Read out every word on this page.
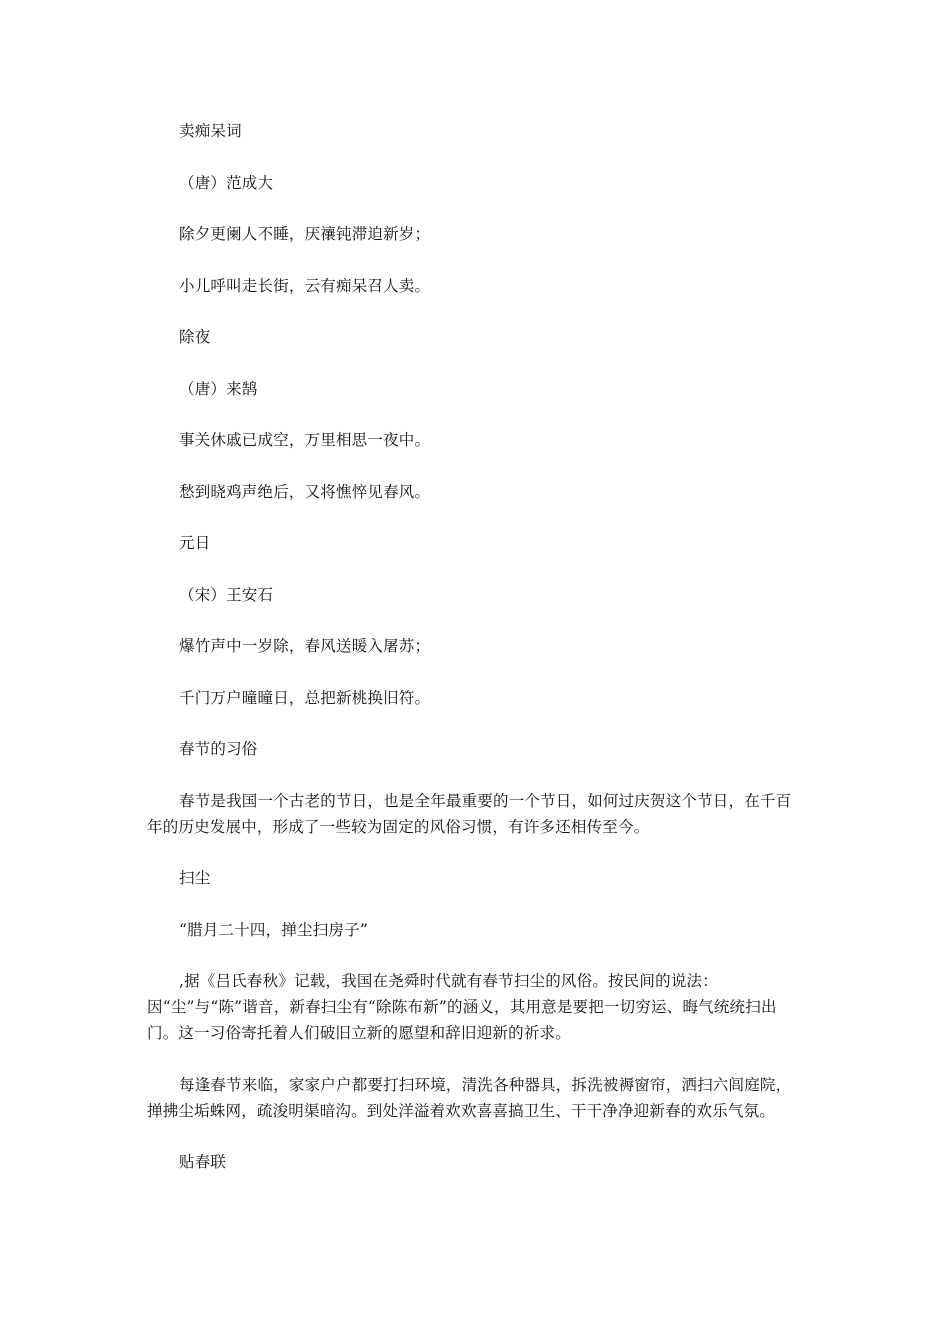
卖痴呆词

（唐）范成大

除夕更阑人不睡，厌禳钝滞迫新岁；

小儿呼叫走长街，云有痴呆召人卖。

除夜

（唐）来鹄

事关休戚已成空，万里相思一夜中。

愁到晓鸡声绝后，又将憔悴见春风。

元日

（宋）王安石

爆竹声中一岁除，春风送暖入屠苏；

千门万户曈曈日，总把新桃换旧符。

春节的习俗

春节是我国一个古老的节日，也是全年最重要的一个节日，如何过庆贺这个节日，在千百年的历史发展中，形成了一些较为固定的风俗习惯，有许多还相传至今。

扫尘

“腊月二十四，掸尘扫房子”

,据《吕氏春秋》记载，我国在尧舜时代就有春节扫尘的风俗。按民间的说法：因“尘”与“陈”谐音，新春扫尘有“除陈布新”的涵义，其用意是要把一切穷运、晦气统统扫出门。这一习俗寄托着人们破旧立新的愿望和辞旧迎新的祈求。

每逢春节来临，家家户户都要打扫环境，清洗各种器具，拆洗被褥窗帘，洒扫六闾庭院，掸拂尘垢蛛网，疏浚明渠暗沟。到处洋溢着欢欢喜喜搞卫生、干干净净迎新春的欢乐气氛。

贴春联
